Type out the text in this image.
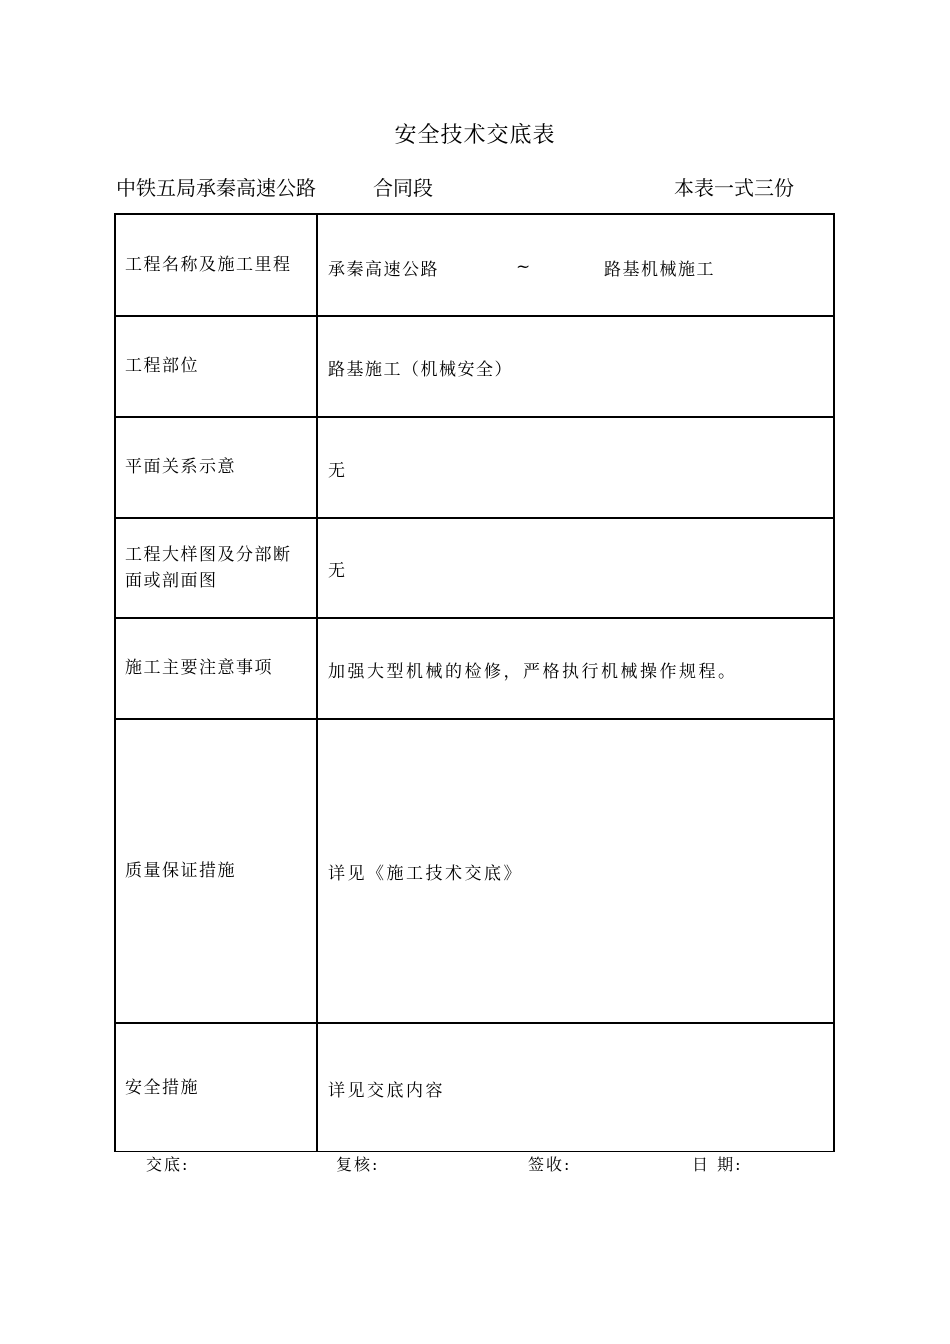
安全技术交底表
中铁五局承秦高速公路	合同段	本表一式三份
工程名称及施工里程	承秦高速公路	~	路基机械施工
工程部位	路基施工（机械安全）
平面关系示意	无
工程大样图及分部断面或剖面图	无
施工主要注意事项	加强大型机械的检修，严格执行机械操作规程。
质量保证措施	详见《施工技术交底》
安全措施	详见交底内容
交底:	复核:	签收:	日 期:
